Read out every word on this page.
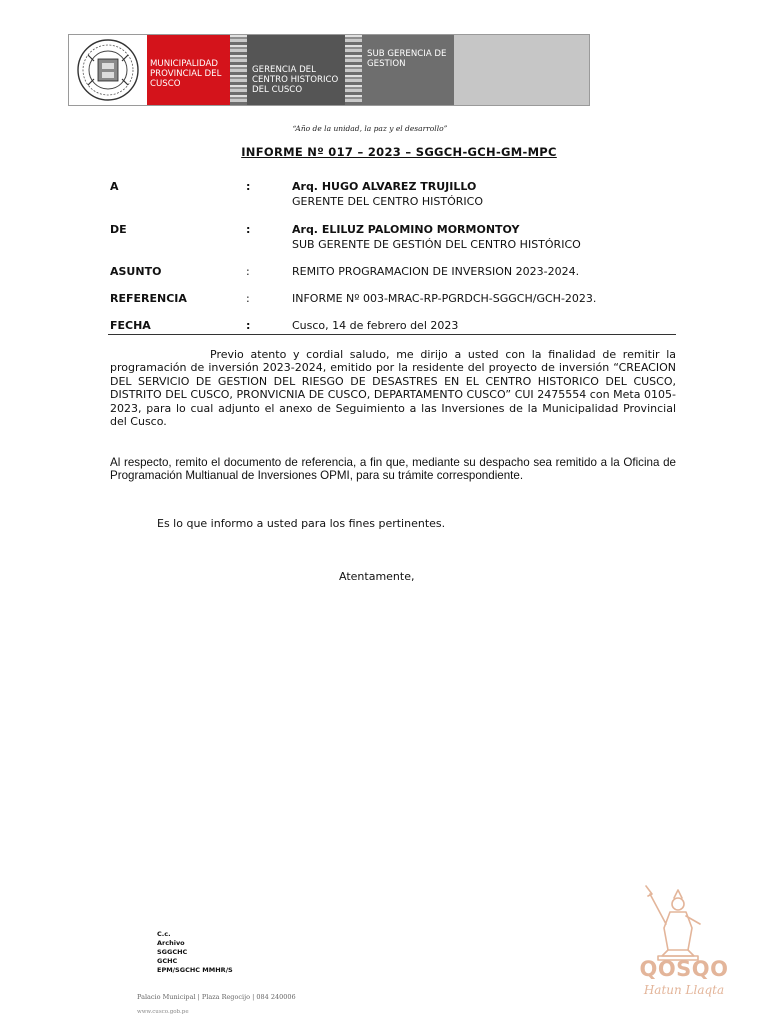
MUNICIPALIDAD PROVINCIAL DEL CUSCO
GERENCIA DEL CENTRO HISTORICO DEL CUSCO
SUB GERENCIA DE GESTION
“Año de la unidad, la paz y el desarrollo”
INFORME Nº 017 – 2023 – SGGCH-GCH-GM-MPC
A	:	Arq. HUGO ALVAREZ TRUJILLO
GERENTE DEL CENTRO HISTÓRICO
DE	:	Arq. ELILUZ PALOMINO MORMONTOY
SUB GERENTE DE GESTIÓN DEL CENTRO HISTÓRICO
ASUNTO	:	REMITO PROGRAMACION DE INVERSION 2023-2024.
REFERENCIA	:	INFORME Nº 003-MRAC-RP-PGRDCH-SGGCH/GCH-2023.
FECHA	:	Cusco, 14 de febrero del 2023

Previo atento y cordial saludo, me dirijo a usted con la finalidad de remitir la programación de inversión 2023-2024, emitido por la residente del proyecto de inversión “CREACION DEL SERVICIO DE GESTION DEL RIESGO DE DESASTRES EN EL CENTRO HISTORICO DEL CUSCO, DISTRITO DEL CUSCO, PRONVICNIA DE CUSCO, DEPARTAMENTO CUSCO” CUI 2475554 con Meta 0105-2023, para lo cual adjunto el anexo de Seguimiento a las Inversiones de la Municipalidad Provincial del Cusco.

Al respecto, remito el documento de referencia, a fin que, mediante su despacho sea remitido a la Oficina de Programación Multianual de Inversiones OPMI, para su trámite correspondiente.

Es lo que informo a usted para los fines pertinentes.
Atentamente,
C.c.
Archivo
SGGCHC
GCHC
EPM/SGCHC MMHR/S
Palacio Municipal | Plaza Regocijo | 084 240006
www.cusco.gob.pe
QOSQO
Hatun Llaqta
